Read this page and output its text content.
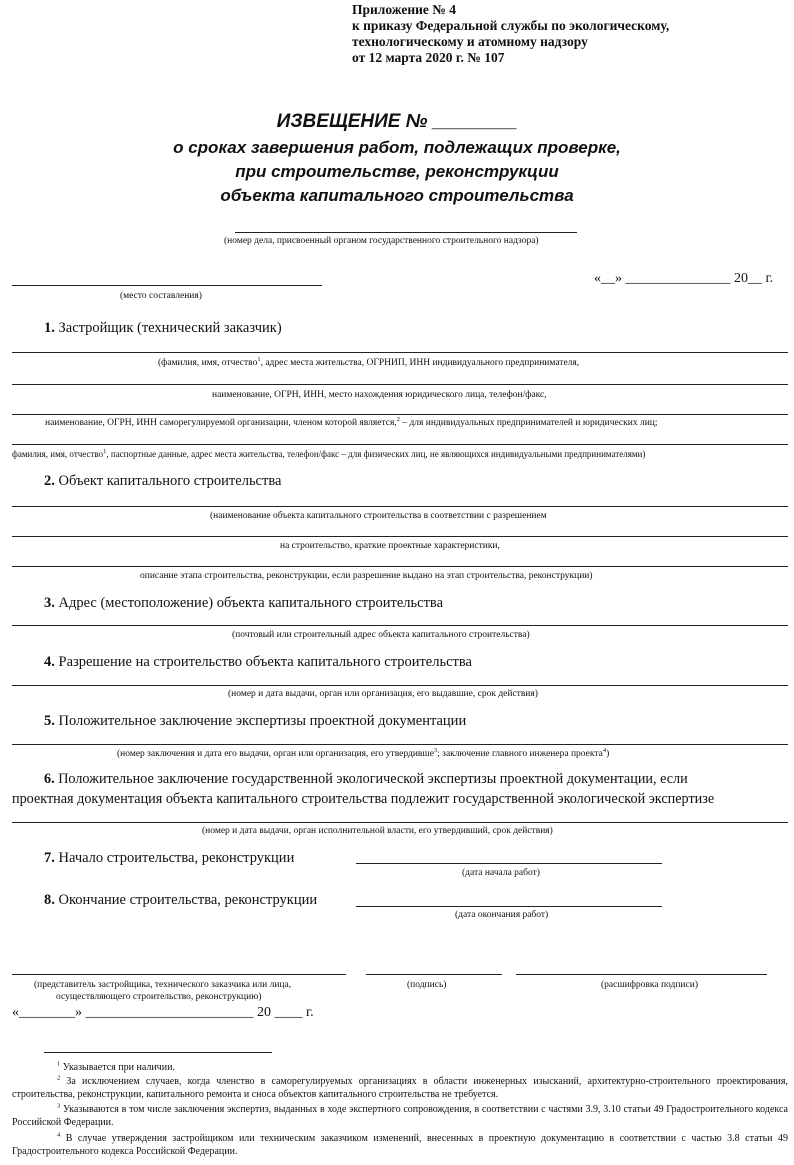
Приложение № 4
к приказу Федеральной службы по экологическому,
технологическому и атомному надзору
от 12 марта 2020 г. № 107
ИЗВЕЩЕНИЕ № ________
о сроках завершения работ, подлежащих проверке,
при строительстве, реконструкции
объекта капитального строительства
(номер дела, присвоенный органом государственного строительного надзора)
(место составления)
«__» _______________ 20__ г.
1. Застройщик (технический заказчик)
(фамилия, имя, отчество$^1$, адрес места жительства, ОГРНИП, ИНН индивидуального предпринимателя,
наименование, ОГРН, ИНН, место нахождения юридического лица, телефон/факс,
наименование, ОГРН, ИНН саморегулируемой организации, членом которой является,$^2$ – для индивидуальных предпринимателей и юридических лиц;
фамилия, имя, отчество$^1$, паспортные данные, адрес места жительства, телефон/факс – для физических лиц, не являющихся индивидуальными предпринимателями)
2. Объект капитального строительства
(наименование объекта капитального строительства в соответствии с разрешением
на строительство, краткие проектные характеристики,
описание этапа строительства, реконструкции, если разрешение выдано на этап строительства, реконструкции)
3. Адрес (местоположение) объекта капитального строительства
(почтовый или строительный адрес объекта капитального строительства)
4. Разрешение на строительство объекта капитального строительства
(номер и дата выдачи, орган или организация, его выдавшие, срок действия)
5. Положительное заключение экспертизы проектной документации
(номер заключения и дата его выдачи, орган или организация, его утвердивше$^3$; заключение главного инженера проекта$^4$)
6. Положительное заключение государственной экологической экспертизы проектной документации, если
проектная документация объекта капитального строительства подлежит государственной экологической экспертизе
(номер и дата выдачи, орган исполнительной власти, его утвердивший, срок действия)
7. Начало строительства, реконструкции
(дата начала работ)
8. Окончание строительства, реконструкции
(дата окончания работ)
(представитель застройщика, технического заказчика или лица,
осуществляющего строительство, реконструкцию)
(подпись)	(расшифровка подписи)
«________» ________________________ 20 ____ г.
$^1$ Указывается при наличии.
$^2$ За исключением случаев, когда членство в саморегулируемых организациях в области инженерных изысканий, архитектурно-строительного проектирования, строительства, реконструкции, капитального ремонта и сноса объектов капитального строительства не требуется.
$^3$ Указываются в том числе заключения экспертиз, выданных в ходе экспертного сопровождения, в соответствии с частями 3.9, 3.10 статьи 49 Градостроительного кодекса Российской Федерации.
$^4$ В случае утверждения застройщиком или техническим заказчиком изменений, внесенных в проектную документацию в соответствии с частью 3.8 статьи 49 Градостроительного кодекса Российской Федерации.
